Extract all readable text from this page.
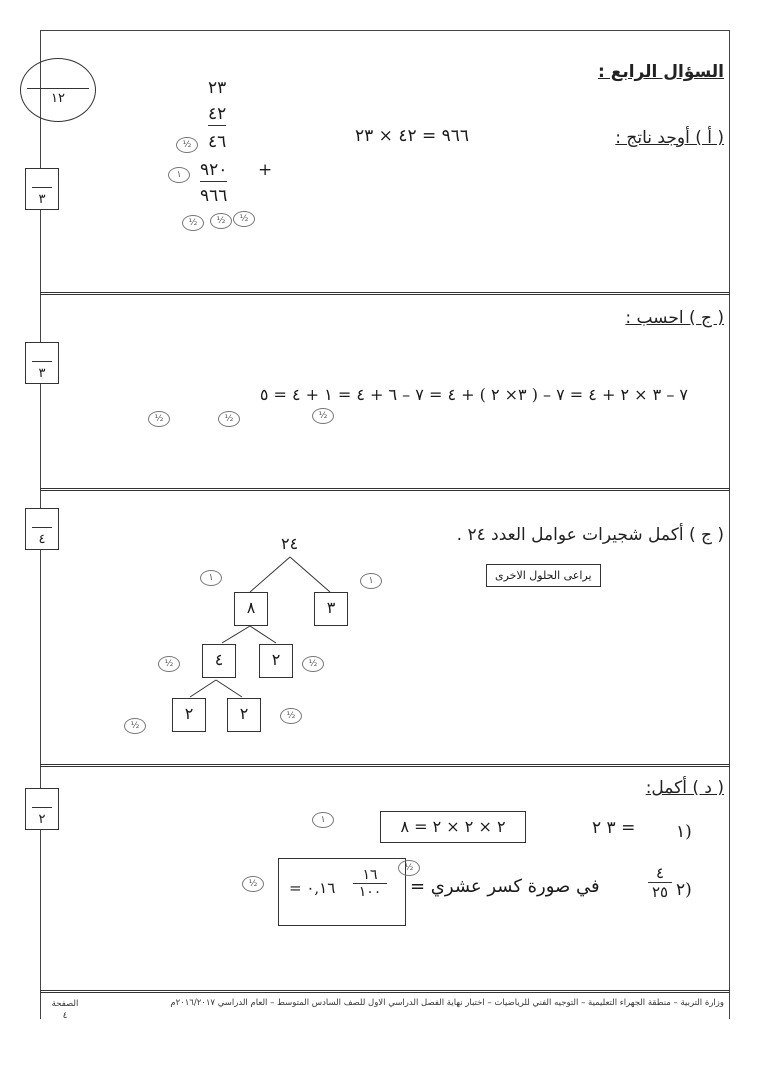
السؤال الرابع :
١٢
( أ ) أوجد ناتج :
٩٦٦ = ٤٢ × ٢٣
٢٣
٤٢
٤٦
٩٢٠ +
٩٦٦
½
١
½	½	½
٣
( ج ) احسب :
٧ – ٣ × ٢ + ٤ = ٧ – ( ٣× ٢ ) + ٤ = ٧ – ٦ + ٤ = ١ + ٤ = ٥
½	½	½
٣
( ج ) أكمل شجيرات عوامل العدد ٢٤ .
يراعى الحلول الاخرى
٢٤
٨	٣
٤	٢
٢	٢
١	١
½	½
½
½
٤
( د ) أكمل:
١)
٣ ٢ =
٢ × ٢ × ٢ = ٨
١
٢)
٤
٢٥
في صورة كسر عشري =
١٦
١٠٠
= ٠,١٦
½
½
٢
وزارة التربية – منطقة الجهراء التعليمية – التوجيه الفني للرياضيات – اختبار نهاية الفصل الدراسي الاول للصف السادس المتوسط – العام الدراسي ٢٠١٦/٢٠١٧م
الصفحة
٤
